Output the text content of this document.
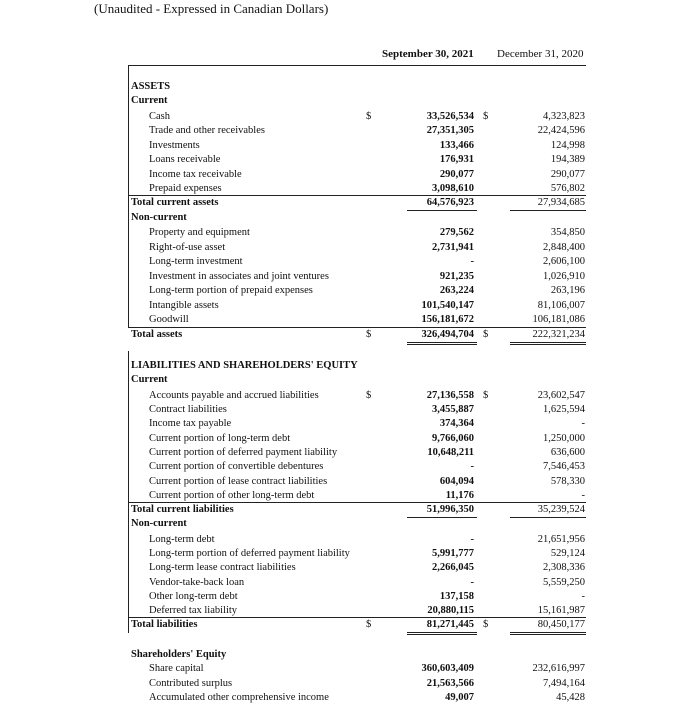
(Unaudited - Expressed in Canadian Dollars)
September 30, 2021 December 31, 2020
ASSETS
Current
Cash	$	33,526,534 $	4,323,823
Trade and other receivables	27,351,305	22,424,596
Investments	133,466	124,998
Loans receivable	176,931	194,389
Income tax receivable	290,077	290,077
Prepaid expenses	3,098,610	576,802
Total current assets	64,576,923	27,934,685
Non-current
Property and equipment	279,562	354,850
Right-of-use asset	2,731,941	2,848,400
Long-term investment	-	2,606,100
Investment in associates and joint ventures	921,235	1,026,910
Long-term portion of prepaid expenses	263,224	263,196
Intangible assets	101,540,147	81,106,007
Goodwill	156,181,672	106,181,086
Total assets	$	326,494,704 $	222,321,234
LIABILITIES AND SHAREHOLDERS' EQUITY
Current
Accounts payable and accrued liabilities	$	27,136,558 $	23,602,547
Contract liabilities	3,455,887	1,625,594
Income tax payable	374,364	-
Current portion of long-term debt	9,766,060	1,250,000
Current portion of deferred payment liability	10,648,211	636,600
Current portion of convertible debentures	-	7,546,453
Current portion of lease contract liabilities	604,094	578,330
Current portion of other long-term debt	11,176	-
Total current liabilities	51,996,350	35,239,524
Non-current
Long-term debt	-	21,651,956
Long-term portion of deferred payment liability	5,991,777	529,124
Long-term lease contract liabilities	2,266,045	2,308,336
Vendor-take-back loan	-	5,559,250
Other long-term debt	137,158	-
Deferred tax liability	20,880,115	15,161,987
Total liabilities	$	81,271,445 $	80,450,177
Shareholders' Equity
Share capital	360,603,409	232,616,997
Contributed surplus	21,563,566	7,494,164
Accumulated other comprehensive income	49,007	45,428
